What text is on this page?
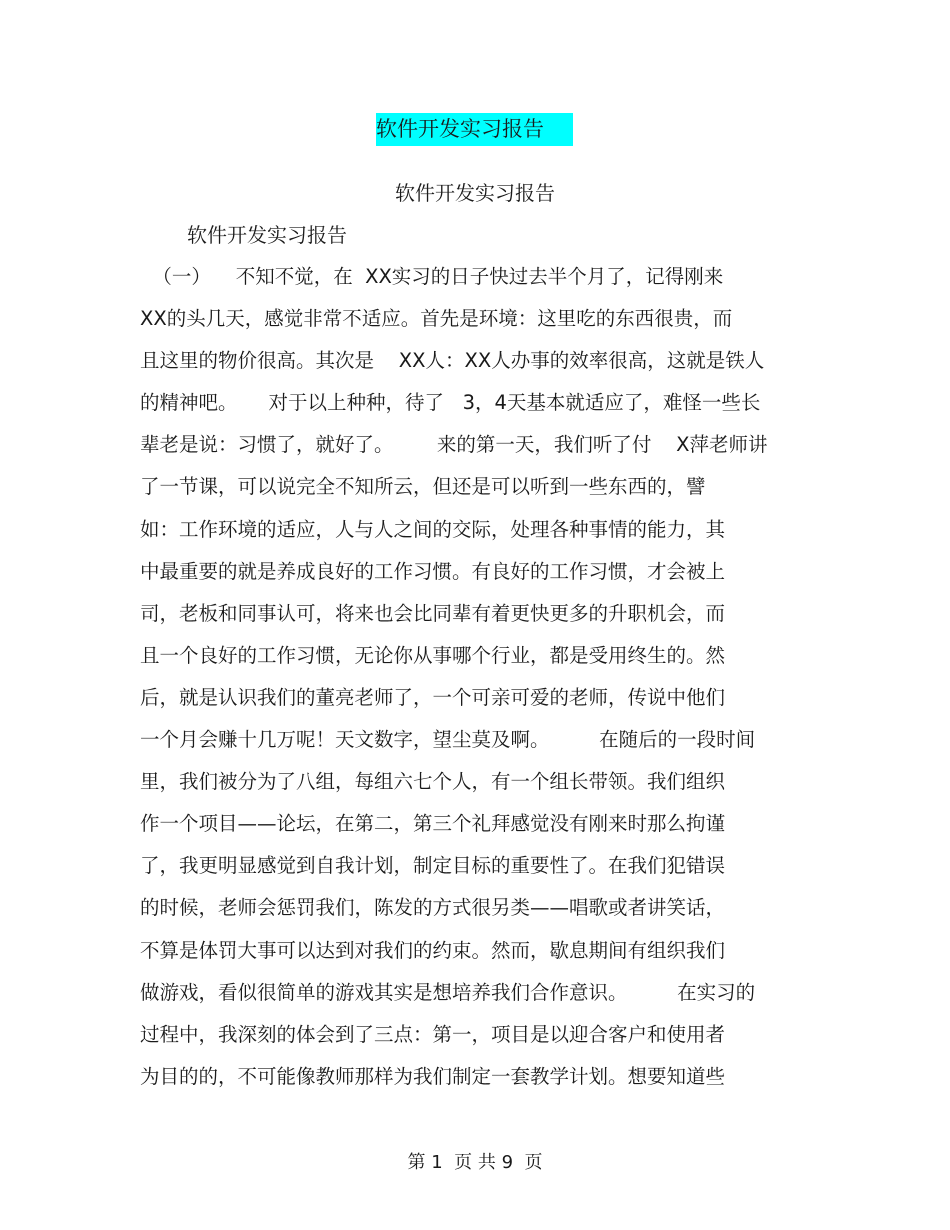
软件开发实习报告
软件开发实习报告
软件开发实习报告
（一）    不知不觉，在  XX实习的日子快过去半个月了，记得刚来
XX的头几天，感觉非常不适应。首先是环境：这里吃的东西很贵，而
且这里的物价很高。其次是    XX人：XX人办事的效率很高，这就是铁人
的精神吧。     对于以上种种，待了   3，4天基本就适应了，难怪一些长
辈老是说：习惯了，就好了。       来的第一天，我们听了付    X萍老师讲
了一节课，可以说完全不知所云，但还是可以听到一些东西的，譬
如：工作环境的适应，人与人之间的交际，处理各种事情的能力，其
中最重要的就是养成良好的工作习惯。有良好的工作习惯，才会被上
司，老板和同事认可，将来也会比同辈有着更快更多的升职机会，而
且一个良好的工作习惯，无论你从事哪个行业，都是受用终生的。然
后，就是认识我们的董亮老师了，一个可亲可爱的老师，传说中他们
一个月会赚十几万呢！天文数字，望尘莫及啊。        在随后的一段时间
里，我们被分为了八组，每组六七个人，有一个组长带领。我们组织
作一个项目——论坛，在第二，第三个礼拜感觉没有刚来时那么拘谨
了，我更明显感觉到自我计划，制定目标的重要性了。在我们犯错误
的时候，老师会惩罚我们，陈发的方式很另类——唱歌或者讲笑话，
不算是体罚大事可以达到对我们的约束。然而，歇息期间有组织我们
做游戏，看似很简单的游戏其实是想培养我们合作意识。        在实习的
过程中，我深刻的体会到了三点：第一，项目是以迎合客户和使用者
为目的的，不可能像教师那样为我们制定一套教学计划。想要知道些
第 1  页 共 9  页
